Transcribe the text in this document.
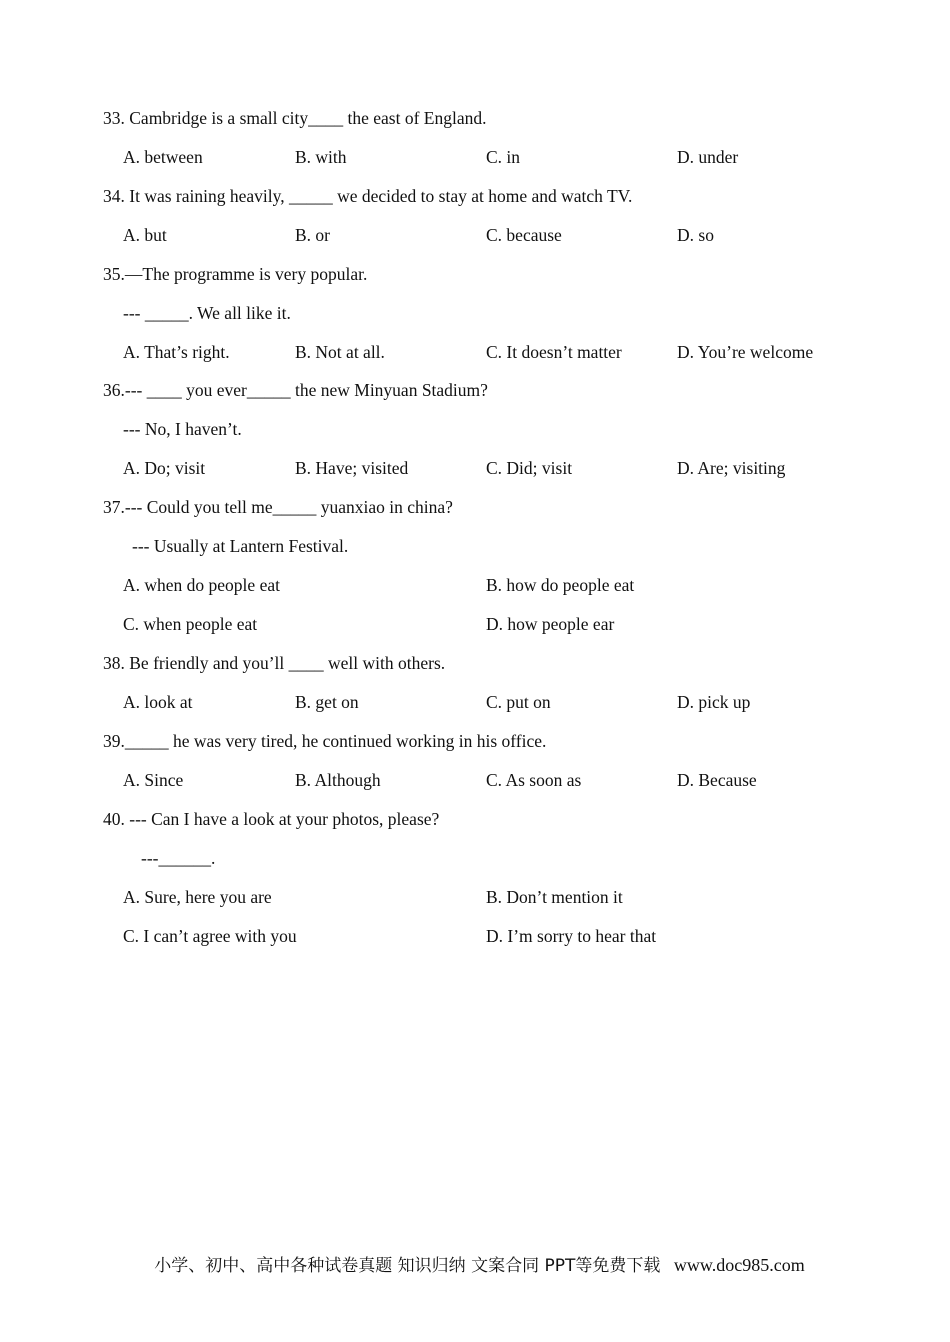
33. Cambridge is a small city____ the east of England.
A. between	B. with	C. in	D. under
34. It was raining heavily, _____ we decided to stay at home and watch TV.
A. but	B. or	C. because	D. so
35.—The programme is very popular.
--- _____. We all like it.
A. That’s right.	B. Not at all.	C. It doesn’t matter	D. You’re welcome
36.--- ____ you ever_____ the new Minyuan Stadium?
--- No, I haven’t.
A. Do; visit	B. Have; visited	C. Did; visit	D. Are; visiting
37.--- Could you tell me_____ yuanxiao in china?
--- Usually at Lantern Festival.
A. when do people eat	B. how do people eat
C. when people eat	D. how people ear
38. Be friendly and you’ll ____ well with others.
A. look at	B. get on	C. put on	D. pick up
39._____ he was very tired, he continued working in his office.
A. Since	B. Although	C. As soon as	D. Because
40. --- Can I have a look at your photos, please?
---______.
A. Sure, here you are	B. Don’t mention it
C. I can’t agree with you	D. I’m sorry to hear that

小学、初中、高中各种试卷真题 知识归纳 文案合同 PPT等免费下载 www.doc985.com
